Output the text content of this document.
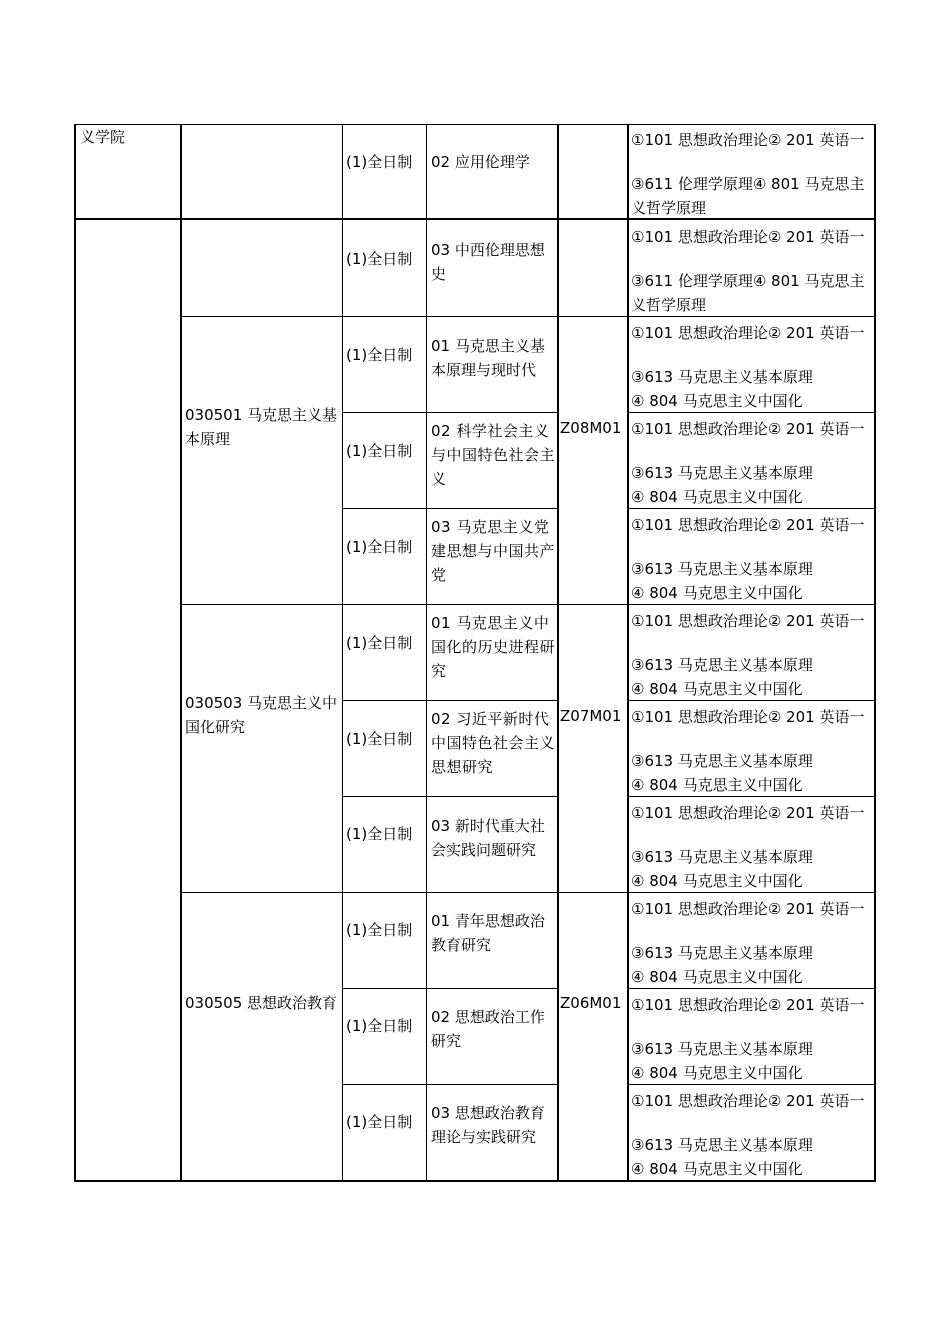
义学院
030501 马克思主义基本原理
030503 马克思主义中国化研究
030505 思想政治教育
Z08M01
Z07M01
Z06M01
(1)全日制
(1)全日制
(1)全日制
(1)全日制
(1)全日制
(1)全日制
(1)全日制
(1)全日制
(1)全日制
(1)全日制
(1)全日制
02 应用伦理学
03 中西伦理思想史
01 马克思主义基本原理与现时代
02 科学社会主义与中国特色社会主义
03 马克思主义党建思想与中国共产党
01 马克思主义中国化的历史进程研究
02 习近平新时代中国特色社会主义思想研究
03 新时代重大社会实践问题研究
01 青年思想政治教育研究
02 思想政治工作研究
03 思想政治教育理论与实践研究
①101 思想政治理论② 201 英语一
③611 伦理学原理④ 801 马克思主义哲学原理
①101 思想政治理论② 201 英语一
③611 伦理学原理④ 801 马克思主义哲学原理
①101 思想政治理论② 201 英语一
③613 马克思主义基本原理
④ 804 马克思主义中国化
①101 思想政治理论② 201 英语一
③613 马克思主义基本原理
④ 804 马克思主义中国化
①101 思想政治理论② 201 英语一
③613 马克思主义基本原理
④ 804 马克思主义中国化
①101 思想政治理论② 201 英语一
③613 马克思主义基本原理
④ 804 马克思主义中国化
①101 思想政治理论② 201 英语一
③613 马克思主义基本原理
④ 804 马克思主义中国化
①101 思想政治理论② 201 英语一
③613 马克思主义基本原理
④ 804 马克思主义中国化
①101 思想政治理论② 201 英语一
③613 马克思主义基本原理
④ 804 马克思主义中国化
①101 思想政治理论② 201 英语一
③613 马克思主义基本原理
④ 804 马克思主义中国化
①101 思想政治理论② 201 英语一
③613 马克思主义基本原理
④ 804 马克思主义中国化
